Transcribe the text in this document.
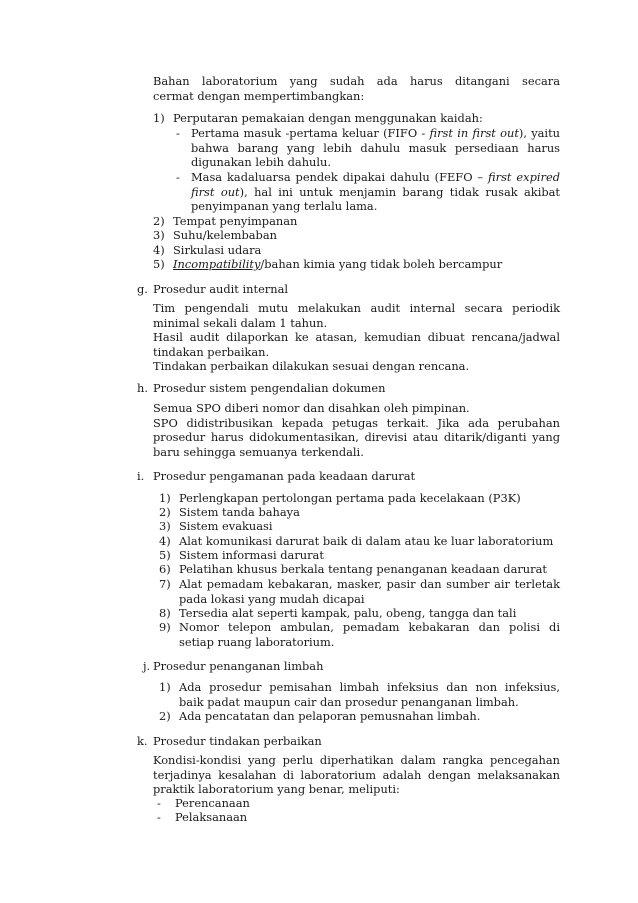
Bahan laboratorium yang sudah ada harus ditangani secara
cermat dengan mempertimbangkan:
1) Perputaran pemakaian dengan menggunakan kaidah:
- Pertama masuk -pertama keluar (FIFO - first in first out), yaitu
bahwa barang yang lebih dahulu masuk persediaan harus
digunakan lebih dahulu.
- Masa kadaluarsa pendek dipakai dahulu (FEFO – first expired
first out), hal ini untuk menjamin barang tidak rusak akibat
penyimpanan yang terlalu lama.
2) Tempat penyimpanan
3) Suhu/kelembaban
4) Sirkulasi udara
5) Incompatibility/bahan kimia yang tidak boleh bercampur
g. Prosedur audit internal
Tim pengendali mutu melakukan audit internal secara periodik
minimal sekali dalam 1 tahun.
Hasil audit dilaporkan ke atasan, kemudian dibuat rencana/jadwal
tindakan perbaikan.
Tindakan perbaikan dilakukan sesuai dengan rencana.
h. Prosedur sistem pengendalian dokumen
Semua SPO diberi nomor dan disahkan oleh pimpinan.
SPO didistribusikan kepada petugas terkait. Jika ada perubahan
prosedur harus didokumentasikan, direvisi atau ditarik/diganti yang
baru sehingga semuanya terkendali.
i. Prosedur pengamanan pada keadaan darurat
1) Perlengkapan pertolongan pertama pada kecelakaan (P3K)
2) Sistem tanda bahaya
3) Sistem evakuasi
4) Alat komunikasi darurat baik di dalam atau ke luar laboratorium
5) Sistem informasi darurat
6) Pelatihan khusus berkala tentang penanganan keadaan darurat
7) Alat pemadam kebakaran, masker, pasir dan sumber air terletak
pada lokasi yang mudah dicapai
8) Tersedia alat seperti kampak, palu, obeng, tangga dan tali
9) Nomor telepon ambulan, pemadam kebakaran dan polisi di
setiap ruang laboratorium.
j. Prosedur penanganan limbah
1) Ada prosedur pemisahan limbah infeksius dan non infeksius,
baik padat maupun cair dan prosedur penanganan limbah.
2) Ada pencatatan dan pelaporan pemusnahan limbah.
k. Prosedur tindakan perbaikan
Kondisi-kondisi yang perlu diperhatikan dalam rangka pencegahan
terjadinya kesalahan di laboratorium adalah dengan melaksanakan
praktik laboratorium yang benar, meliputi:
- Perencanaan
- Pelaksanaan
